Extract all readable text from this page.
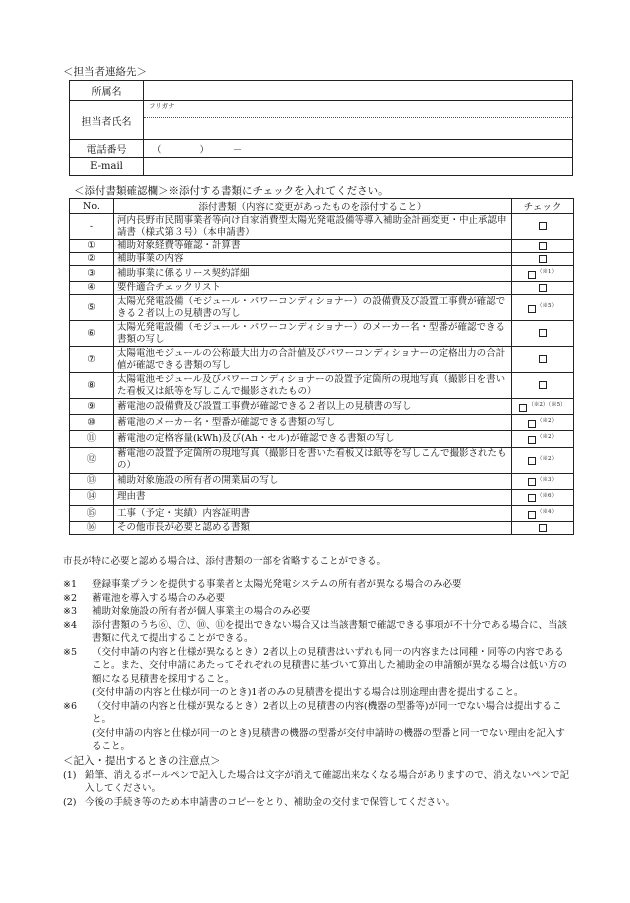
＜担当者連絡先＞
所属名	
担当者氏名	フリガナ

電話番号	（　　　　）　　　－
E-mail	
＜添付書類確認欄＞※添付する書類にチェックを入れてください。
No.	添付書類（内容に変更があったものを添付すること）	チェック
-	河内長野市民間事業者等向け自家消費型太陽光発電設備等導入補助金計画変更・中止承認申請書（様式第３号）（本申請書）	
①	補助対象経費等確認・計算書	
②	補助事業の内容	
③	補助事業に係るリース契約詳細	$^{(※1)}$
④	要件適合チェックリスト	
⑤	太陽光発電設備（モジュール・パワーコンディショナー）の設備費及び設置工事費が確認できる２者以上の見積書の写し	$^{(※5)}$
⑥	太陽光発電設備（モジュール・パワーコンディショナー）のメーカー名・型番が確認できる書類の写し	
⑦	太陽電池モジュールの公称最大出力の合計値及びパワーコンディショナーの定格出力の合計値が確認できる書類の写し	
⑧	太陽電池モジュール及びパワーコンディショナーの設置予定箇所の現地写真（撮影日を書いた看板又は紙等を写しこんで撮影されたもの）	
⑨	蓄電池の設備費及び設置工事費が確認できる２者以上の見積書の写し	$^{(※2)(※5)}$
⑩	蓄電池のメーカー名・型番が確認できる書類の写し	$^{(※2)}$
⑪	蓄電池の定格容量(kWh)及び(Ah・セル)が確認できる書類の写し	$^{(※2)}$
⑫	蓄電池の設置予定箇所の現地写真（撮影日を書いた看板又は紙等を写しこんで撮影されたもの）	$^{(※2)}$
⑬	補助対象施設の所有者の開業届の写し	$^{(※3)}$
⑭	理由書	$^{(※6)}$
⑮	工事（予定・実績）内容証明書	$^{(※4)}$
⑯	その他市長が必要と認める書類	
市長が特に必要と認める場合は、添付書類の一部を省略することができる。
※1	登録事業プランを提供する事業者と太陽光発電システムの所有者が異なる場合のみ必要
※2	蓄電池を導入する場合のみ必要
※3	補助対象施設の所有者が個人事業主の場合のみ必要
※4	添付書類のうち⑥、⑦、⑩、⑪を提出できない場合又は当該書類で確認できる事項が不十分である場合に、当該書類に代えて提出することができる。
※5	（交付申請の内容と仕様が異なるとき）2者以上の見積書はいずれも同一の内容または同種・同等の内容であること。また、交付申請にあたってそれぞれの見積書に基づいて算出した補助金の申請額が異なる場合は低い方の額になる見積書を採用すること。
(交付申請の内容と仕様が同一のとき)1者のみの見積書を提出する場合は別途理由書を提出すること。
※6	（交付申請の内容と仕様が異なるとき）2者以上の見積書の内容(機器の型番等)が同一でない場合は提出すること。
(交付申請の内容と仕様が同一のとき)見積書の機器の型番が交付申請時の機器の型番と同一でない理由を記入すること。
＜記入・提出するときの注意点＞
(1) 鉛筆、消えるボールペンで記入した場合は文字が消えて確認出来なくなる場合がありますので、消えないペンで記入してください。
(2) 今後の手続き等のため本申請書のコピーをとり、補助金の交付まで保管してください。
